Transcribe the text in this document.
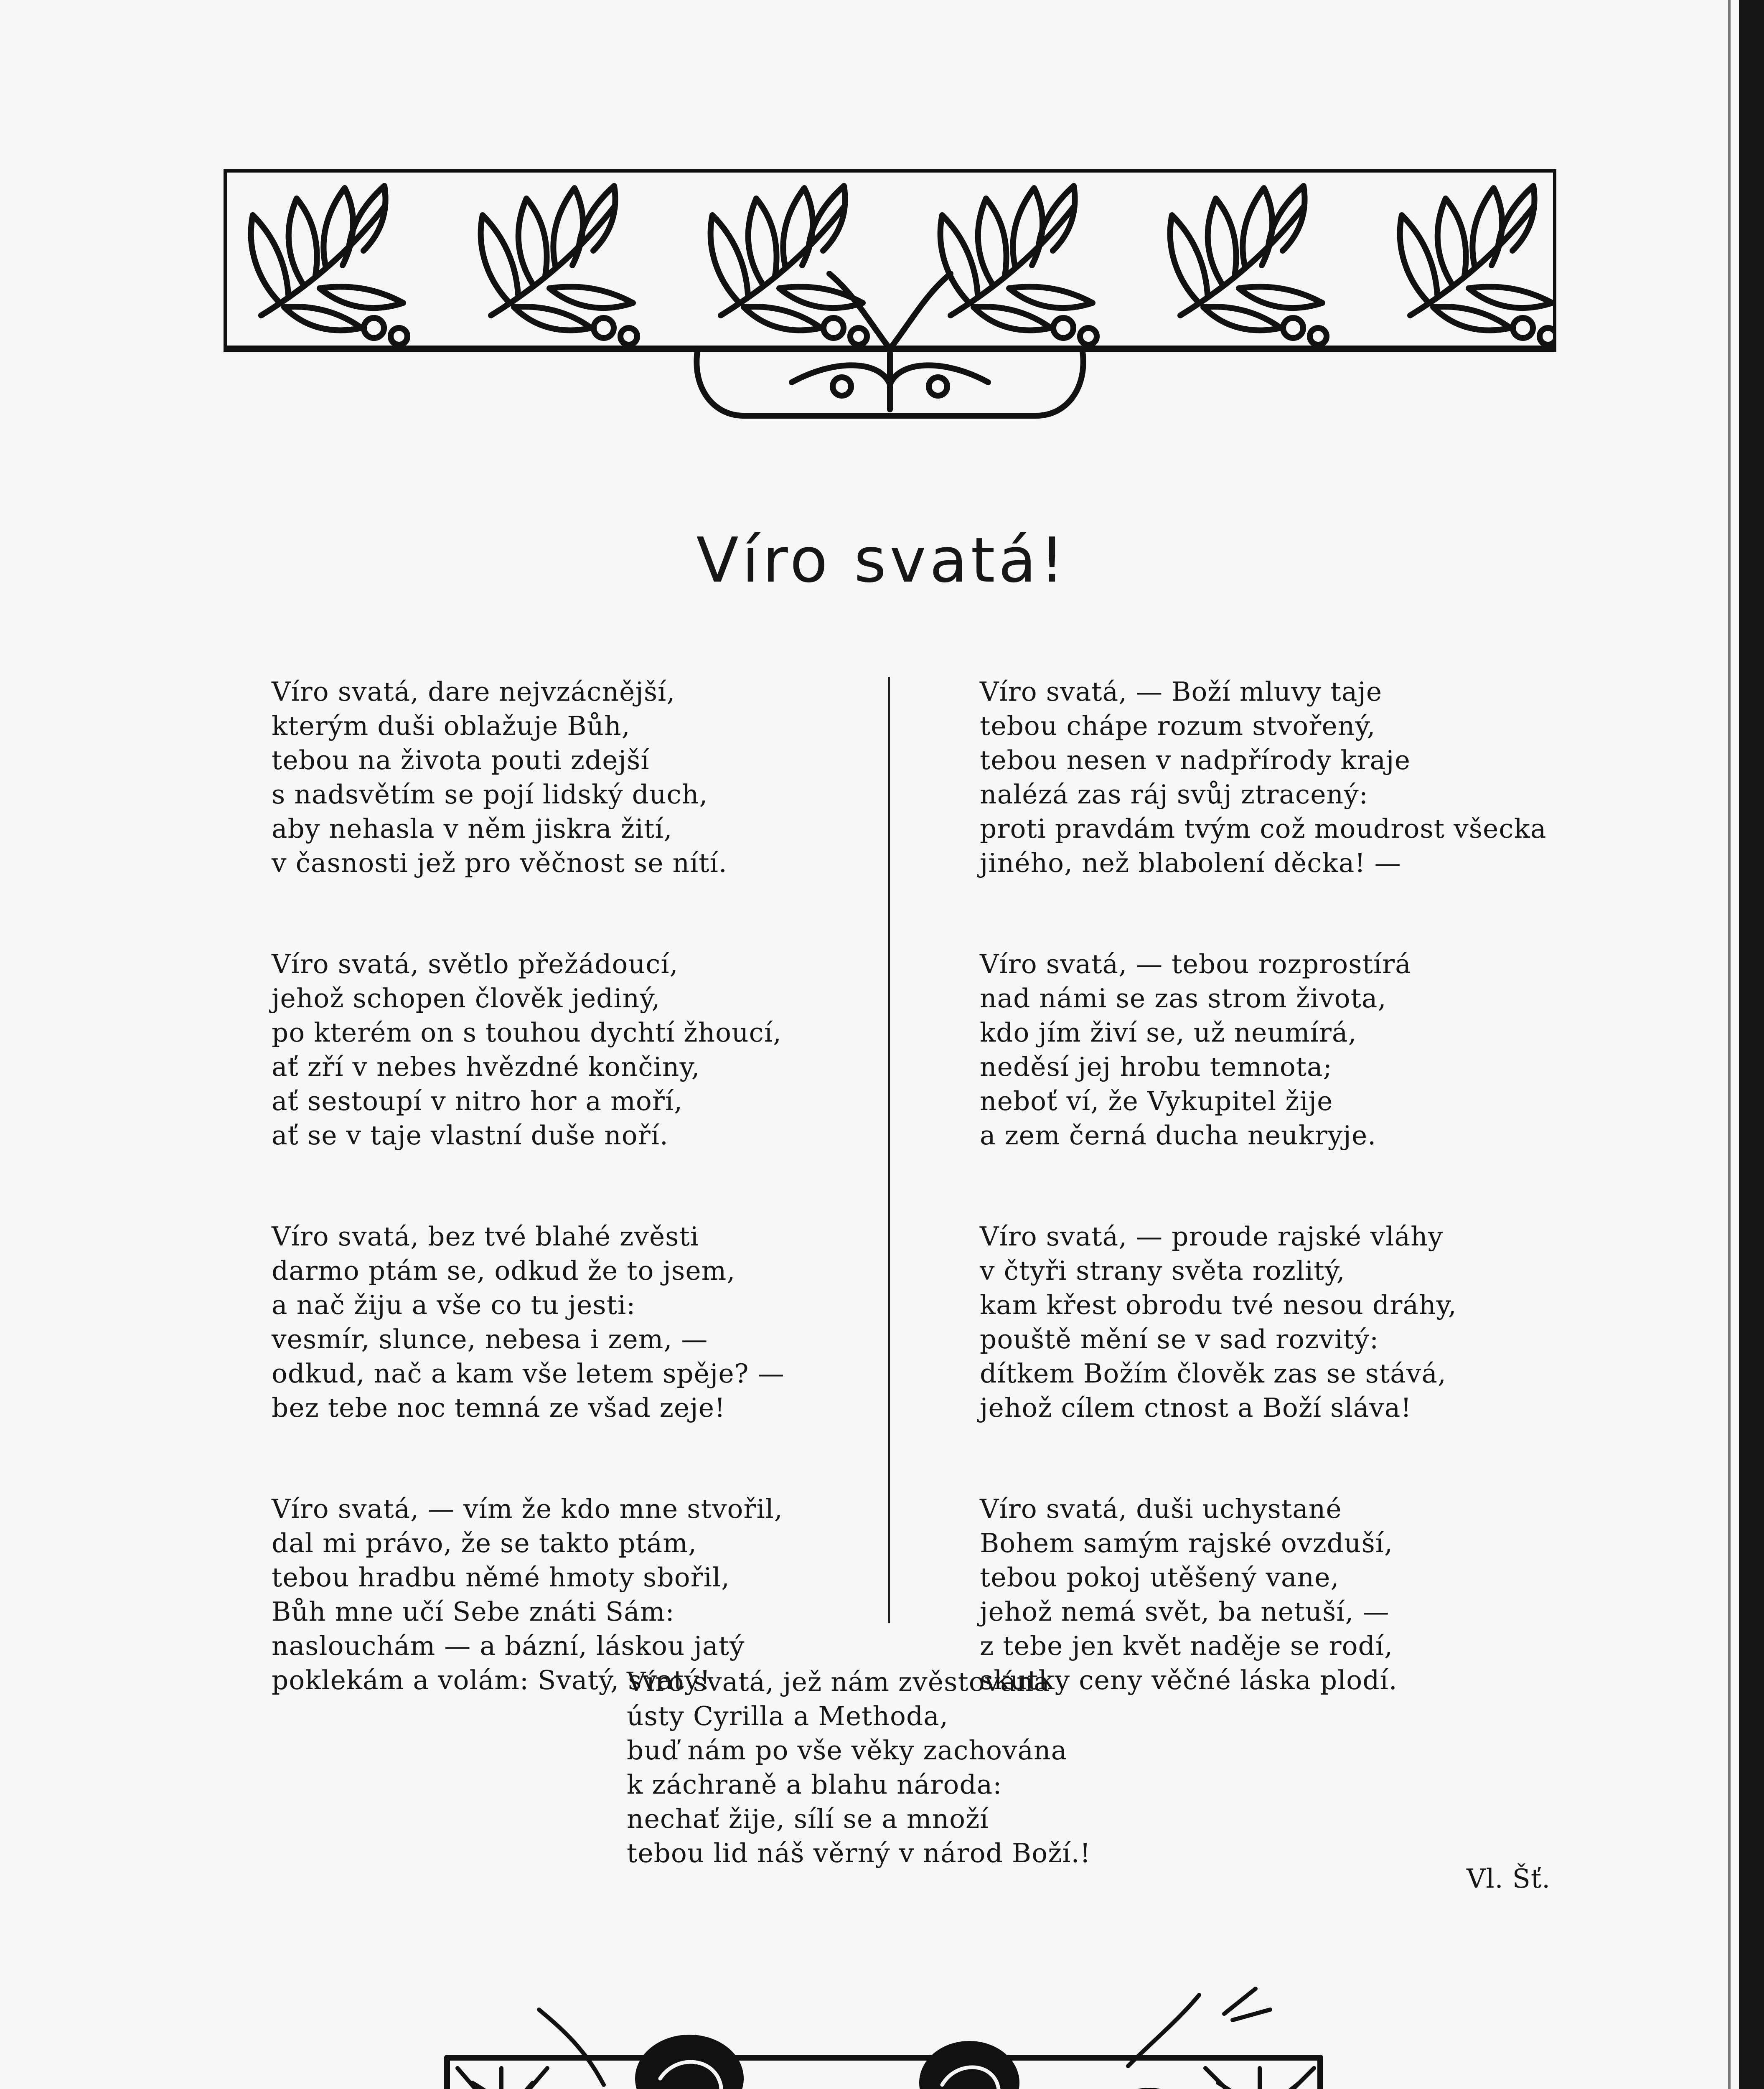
Víro svatá!
Víro svatá, dare nejvzácnější,
kterým duši oblažuje Bůh,
tebou na života pouti zdejší
s nadsvětím se pojí lidský duch,
aby nehasla v něm jiskra žití,
v časnosti jež pro věčnost se nítí.
Víro svatá, světlo přežádoucí,
jehož schopen člověk jediný,
po kterém on s touhou dychtí žhoucí,
ať zří v nebes hvězdné končiny,
ať sestoupí v nitro hor a moří,
ať se v taje vlastní duše noří.
Víro svatá, bez tvé blahé zvěsti
darmo ptám se, odkud že to jsem,
a nač žiju a vše co tu jesti:
vesmír, slunce, nebesa i zem, —
odkud, nač a kam vše letem spěje? —
bez tebe noc temná ze všad zeje!
Víro svatá, — vím že kdo mne stvořil,
dal mi právo, že se takto ptám,
tebou hradbu němé hmoty sbořil,
Bůh mne učí Sebe znáti Sám:
naslouchám — a bázní, láskou jatý
poklekám a volám: Svatý, svatý!
Víro svatá, — Boží mluvy taje
tebou chápe rozum stvořený,
tebou nesen v nadpřírody kraje
nalézá zas ráj svůj ztracený:
proti pravdám tvým což moudrost všecka
jiného, než blabolení děcka! —
Víro svatá, — tebou rozprostírá
nad námi se zas strom života,
kdo jím živí se, už neumírá,
neděsí jej hrobu temnota;
neboť ví, že Vykupitel žije
a zem černá ducha neukryje.
Víro svatá, — proude rajské vláhy
v čtyři strany světa rozlitý,
kam křest obrodu tvé nesou dráhy,
pouště mění se v sad rozvitý:
dítkem Božím člověk zas se stává,
jehož cílem ctnost a Boží sláva!
Víro svatá, duši uchystané
Bohem samým rajské ovzduší,
tebou pokoj utěšený vane,
jehož nemá svět, ba netuší, —
z tebe jen květ naděje se rodí,
skutky ceny věčné láska plodí.
Víro svatá, jež nám zvěstována
ústy Cyrilla a Methoda,
buď nám po vše věky zachována
k záchraně a blahu národa:
nechať žije, sílí se a množí
tebou lid náš věrný v národ Boží.!
Vl. Šť.
